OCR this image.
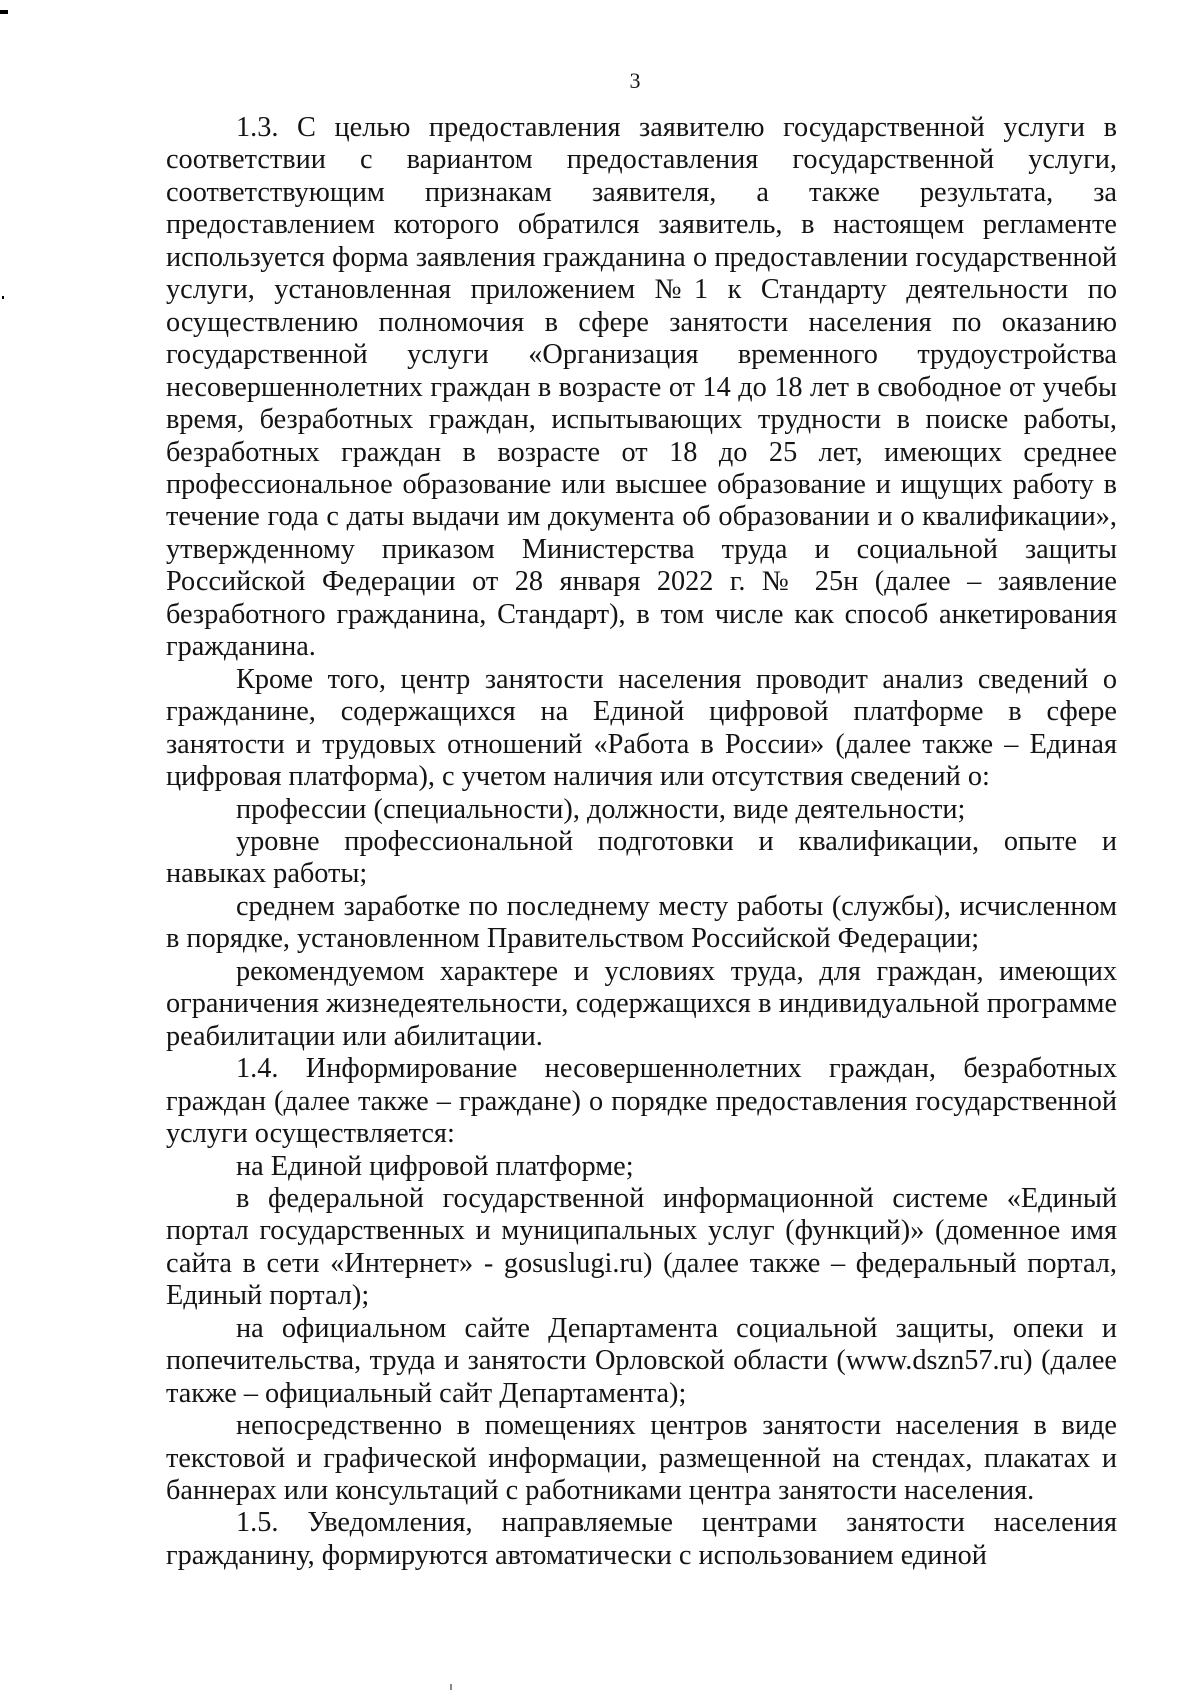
3

1.3. С целью предоставления заявителю государственной услуги в соответствии с вариантом предоставления государственной услуги, соответствующим признакам заявителя, а также результата, за предоставлением которого обратился заявитель, в настоящем регламенте используется форма заявления гражданина о предоставлении государственной услуги, установленная приложением №1 к Стандарту деятельности по осуществлению полномочия в сфере занятости населения по оказанию государственной услуги «Организация временного трудоустройства несовершеннолетних граждан в возрасте от 14 до 18 лет в свободное от учебы время, безработных граждан, испытывающих трудности в поиске работы, безработных граждан в возрасте от 18 до 25 лет, имеющих среднее профессиональное образование или высшее образование и ищущих работу в течение года с даты выдачи им документа об образовании и о квалификации», утвержденному приказом Министерства труда и социальной защиты Российской Федерации от 28 января 2022 г. № 25н (далее – заявление безработного гражданина, Стандарт), в том числе как способ анкетирования гражданина.

Кроме того, центр занятости населения проводит анализ сведений о гражданине, содержащихся на Единой цифровой платформе в сфере занятости и трудовых отношений «Работа в России» (далее также – Единая цифровая платформа), с учетом наличия или отсутствия сведений о:

профессии (специальности), должности, виде деятельности;

уровне профессиональной подготовки и квалификации, опыте и навыках работы;

среднем заработке по последнему месту работы (службы), исчисленном в порядке, установленном Правительством Российской Федерации;

рекомендуемом характере и условиях труда, для граждан, имеющих ограничения жизнедеятельности, содержащихся в индивидуальной программе реабилитации или абилитации.

1.4. Информирование несовершеннолетних граждан, безработных граждан (далее также – граждане) о порядке предоставления государственной услуги осуществляется:

на Единой цифровой платформе;

в федеральной государственной информационной системе «Единый портал государственных и муниципальных услуг (функций)» (доменное имя сайта в сети «Интернет» - gosuslugi.ru) (далее также – федеральный портал, Единый портал);

на официальном сайте Департамента социальной защиты, опеки и попечительства, труда и занятости Орловской области (www.dszn57.ru) (далее также – официальный сайт Департамента);

непосредственно в помещениях центров занятости населения в виде текстовой и графической информации, размещенной на стендах, плакатах и баннерах или консультаций с работниками центра занятости населения.

1.5. Уведомления, направляемые центрами занятости населения гражданину, формируются автоматически с использованием единой
